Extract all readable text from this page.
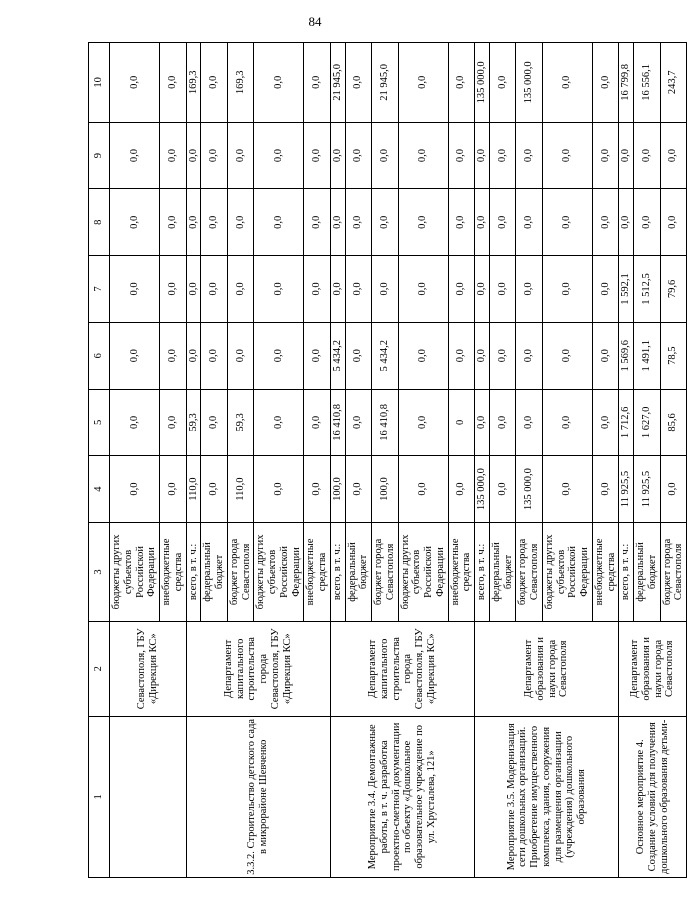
84
1	2	3	4	5	6	7	8	9	10
	Севастополя, ГБУ «Дирекция КС»	бюджеты других субъектов Российской Федерации	0,0	0,0	0,0	0,0	0,0	0,0	0,0
		внебюджетные средства	0,0	0,0	0,0	0,0	0,0	0,0	0,0
3.3.2. Строительство детского сада в микрорайоне Шевченко	Департамент капитального строительства города Севастополя, ГБУ «Дирекция КС»	всего, в т. ч.:	110,0	59,3	0,0	0,0	0,0	0,0	169,3
		федеральный бюджет	0,0	0,0	0,0	0,0	0,0	0,0	0,0
		бюджет города Севастополя	110,0	59,3	0,0	0,0	0,0	0,0	169,3
		бюджеты других субъектов Российской Федерации	0,0	0,0	0,0	0,0	0,0	0,0	0,0
		внебюджетные средства	0,0	0,0	0,0	0,0	0,0	0,0	0,0
Мероприятие 3.4. Демонтажные работы, в т. ч. разработка проектно-сметной документации по объекту «Дошкольное образовательное учреждение по ул. Хрусталева, 121»	Департамент капитального строительства города Севастополя, ГБУ «Дирекция КС»	всего, в т. ч.:	100,0	16 410,8	5 434,2	0,0	0,0	0,0	21 945,0
		федеральный бюджет	0,0	0,0	0,0	0,0	0,0	0,0	0,0
		бюджет города Севастополя	100,0	16 410,8	5 434,2	0,0	0,0	0,0	21 945,0
		бюджеты других субъектов Российской Федерации	0,0	0,0	0,0	0,0	0,0	0,0	0,0
		внебюджетные средства	0,0	0	0,0	0,0	0,0	0,0	0,0
Мероприятие 3.5. Модернизация сети дошкольных организаций. Приобретение имущественного комплекса, здания, сооружения для размещения организации (учреждения) дошкольного образования	Департамент образования и науки города Севастополя	всего, в т. ч.:	135 000,0	0,0	0,0	0,0	0,0	0,0	135 000,0
		федеральный бюджет	0,0	0,0	0,0	0,0	0,0	0,0	0,0
		бюджет города Севастополя	135 000,0	0,0	0,0	0,0	0,0	0,0	135 000,0
		бюджеты других субъектов Российской Федерации	0,0	0,0	0,0	0,0	0,0	0,0	0,0
		внебюджетные средства	0,0	0,0	0,0	0,0	0,0	0,0	0,0
Основное мероприятие 4. Создание условий для получения дошкольного образования детьми-	Департамент образования и науки города Севастополя	всего, в т. ч.:	11 925,5	1 712,6	1 569,6	1 592,1	0,0	0,0	16 799,8
		федеральный бюджет	11 925,5	1 627,0	1 491,1	1 512,5	0,0	0,0	16 556,1
		бюджет города Севастополя	0,0	85,6	78,5	79,6	0,0	0,0	243,7
